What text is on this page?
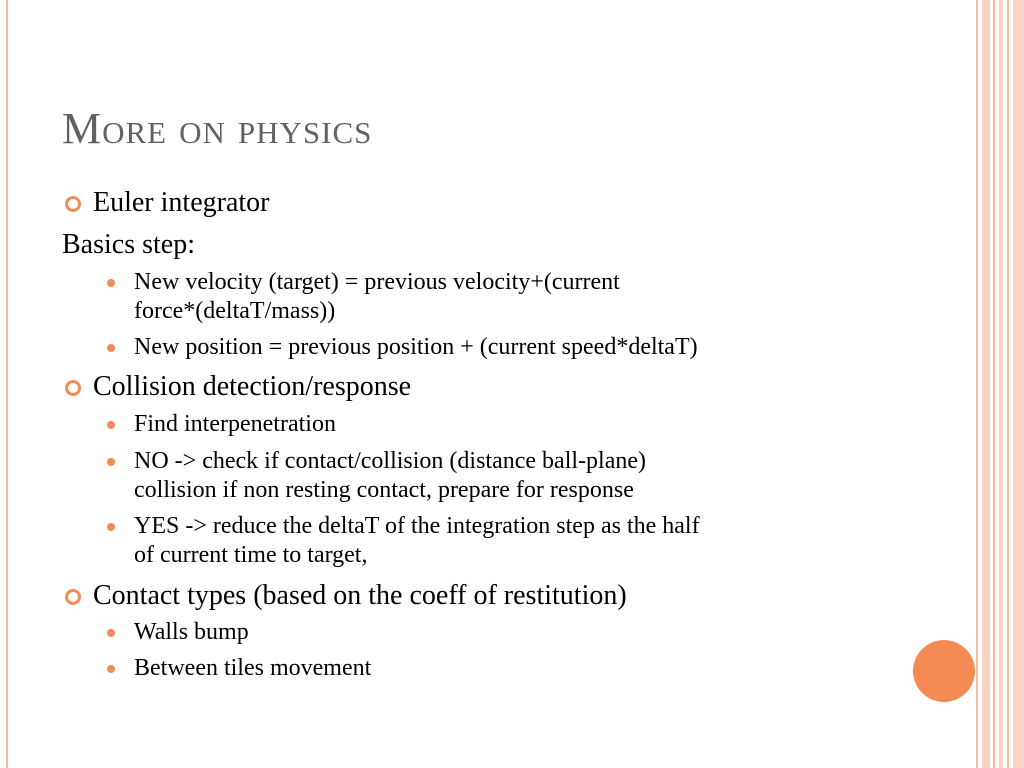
More on physics
Euler integrator
Basics step:
New velocity (target) = previous velocity+(current
force*(deltaT/mass))
New position = previous position + (current speed*deltaT)
Collision detection/response
Find interpenetration
NO -> check if contact/collision (distance ball-plane)
collision if non resting contact, prepare for response
YES -> reduce the deltaT of the integration step as the half
of current time to target,
Contact types (based on the coeff of restitution)
Walls bump
Between tiles movement
